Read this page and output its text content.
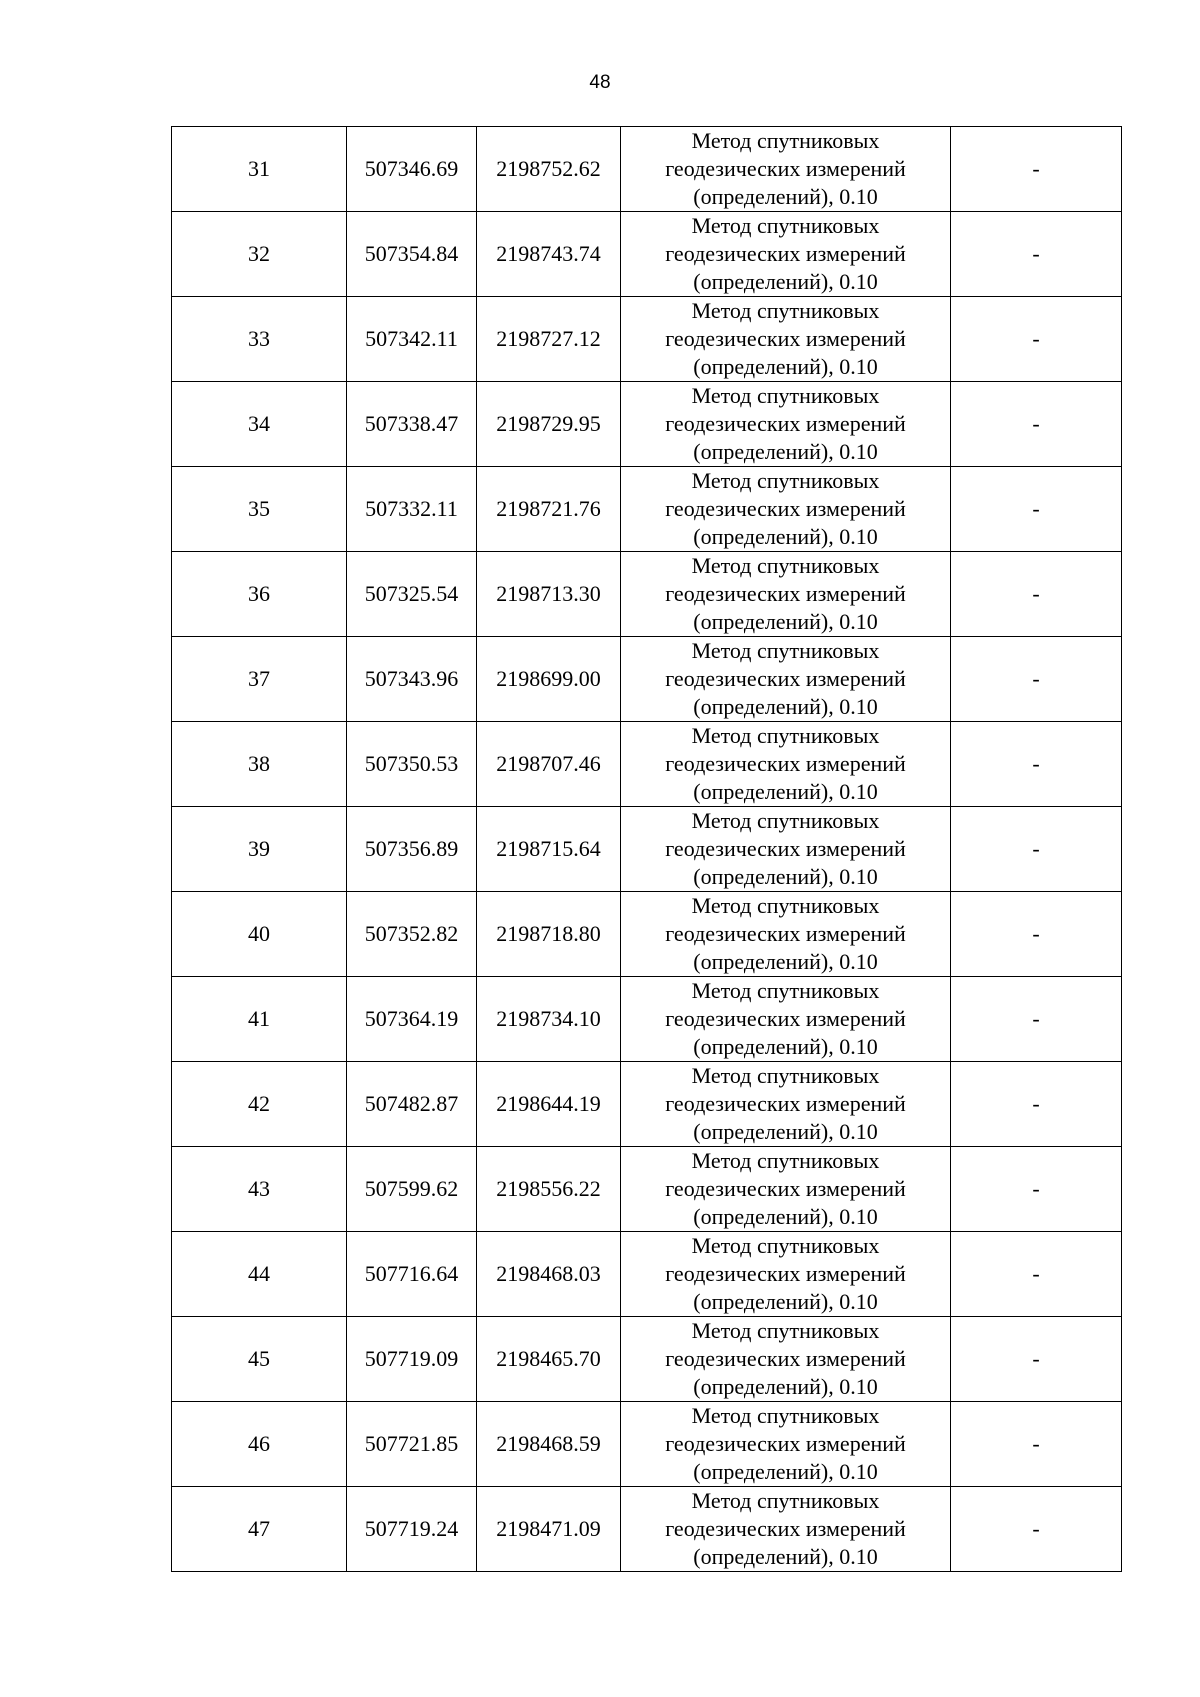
48
31	507346.69	2198752.62	Метод спутниковых
геодезических измерений
(определений), 0.10	-
32	507354.84	2198743.74	Метод спутниковых
геодезических измерений
(определений), 0.10	-
33	507342.11	2198727.12	Метод спутниковых
геодезических измерений
(определений), 0.10	-
34	507338.47	2198729.95	Метод спутниковых
геодезических измерений
(определений), 0.10	-
35	507332.11	2198721.76	Метод спутниковых
геодезических измерений
(определений), 0.10	-
36	507325.54	2198713.30	Метод спутниковых
геодезических измерений
(определений), 0.10	-
37	507343.96	2198699.00	Метод спутниковых
геодезических измерений
(определений), 0.10	-
38	507350.53	2198707.46	Метод спутниковых
геодезических измерений
(определений), 0.10	-
39	507356.89	2198715.64	Метод спутниковых
геодезических измерений
(определений), 0.10	-
40	507352.82	2198718.80	Метод спутниковых
геодезических измерений
(определений), 0.10	-
41	507364.19	2198734.10	Метод спутниковых
геодезических измерений
(определений), 0.10	-
42	507482.87	2198644.19	Метод спутниковых
геодезических измерений
(определений), 0.10	-
43	507599.62	2198556.22	Метод спутниковых
геодезических измерений
(определений), 0.10	-
44	507716.64	2198468.03	Метод спутниковых
геодезических измерений
(определений), 0.10	-
45	507719.09	2198465.70	Метод спутниковых
геодезических измерений
(определений), 0.10	-
46	507721.85	2198468.59	Метод спутниковых
геодезических измерений
(определений), 0.10	-
47	507719.24	2198471.09	Метод спутниковых
геодезических измерений
(определений), 0.10	-
